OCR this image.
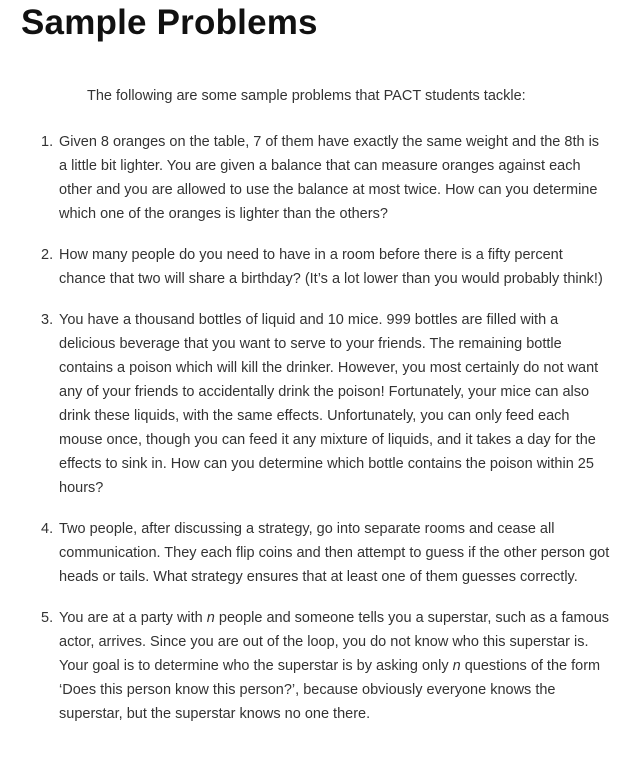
Sample Problems

The following are some sample problems that PACT students tackle:

1. Given 8 oranges on the table, 7 of them have exactly the same weight and the 8th is a little bit lighter. You are given a balance that can measure oranges against each other and you are allowed to use the balance at most twice. How can you determine which one of the oranges is lighter than the others?
2. How many people do you need to have in a room before there is a fifty percent chance that two will share a birthday? (It’s a lot lower than you would probably think!)
3. You have a thousand bottles of liquid and 10 mice. 999 bottles are filled with a delicious beverage that you want to serve to your friends. The remaining bottle contains a poison which will kill the drinker. However, you most certainly do not want any of your friends to accidentally drink the poison! Fortunately, your mice can also drink these liquids, with the same effects. Unfortunately, you can only feed each mouse once, though you can feed it any mixture of liquids, and it takes a day for the effects to sink in. How can you determine which bottle contains the poison within 25 hours?
4. Two people, after discussing a strategy, go into separate rooms and cease all communication. They each flip coins and then attempt to guess if the other person got heads or tails. What strategy ensures that at least one of them guesses correctly.
5. You are at a party with n people and someone tells you a superstar, such as a famous actor, arrives. Since you are out of the loop, you do not know who this superstar is. Your goal is to determine who the superstar is by asking only n questions of the form ‘Does this person know this person?’, because obviously everyone knows the superstar, but the superstar knows no one there.
